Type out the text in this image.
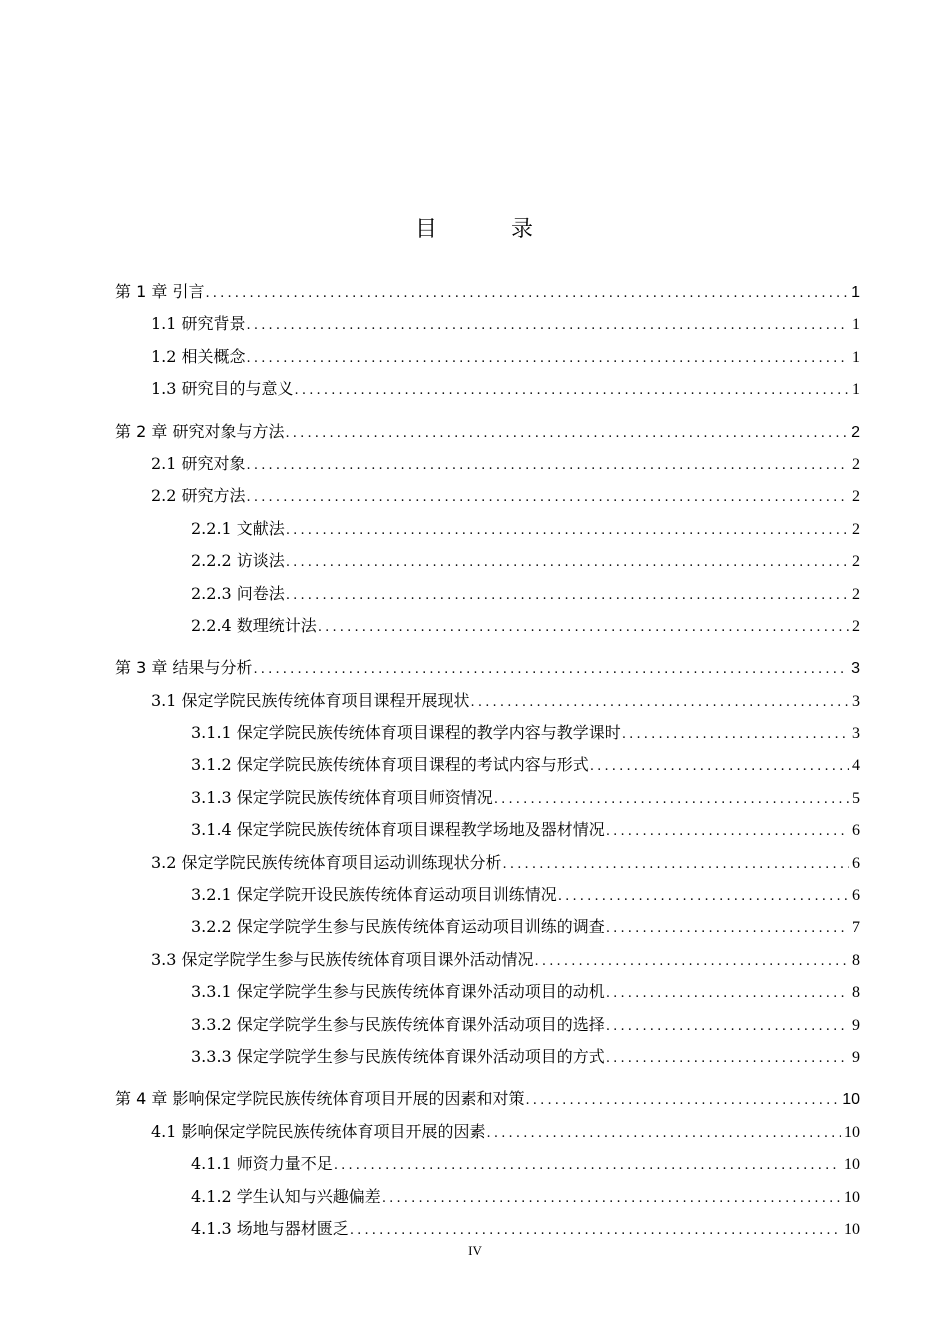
目        录
第 1 章 引言 .....	1
1.1 研究背景 .....	1
1.2 相关概念 .....	1
1.3 研究目的与意义 .....	1
第 2 章 研究对象与方法 .....	2
2.1 研究对象 .....	2
2.2 研究方法 .....	2
2.2.1 文献法 .....	2
2.2.2 访谈法 .....	2
2.2.3 问卷法 .....	2
2.2.4 数理统计法 .....	2
第 3 章 结果与分析 .....	3
3.1 保定学院民族传统体育项目课程开展现状 .....	3
3.1.1 保定学院民族传统体育项目课程的教学内容与教学课时 .....	3
3.1.2 保定学院民族传统体育项目课程的考试内容与形式 .....	4
3.1.3 保定学院民族传统体育项目师资情况 .....	5
3.1.4 保定学院民族传统体育项目课程教学场地及器材情况 .....	6
3.2 保定学院民族传统体育项目运动训练现状分析 .....	6
3.2.1 保定学院开设民族传统体育运动项目训练情况 .....	6
3.2.2 保定学院学生参与民族传统体育运动项目训练的调查 .....	7
3.3 保定学院学生参与民族传统体育项目课外活动情况 .....	8
3.3.1 保定学院学生参与民族传统体育课外活动项目的动机 .....	8
3.3.2 保定学院学生参与民族传统体育课外活动项目的选择 .....	9
3.3.3 保定学院学生参与民族传统体育课外活动项目的方式 .....	9
第 4 章 影响保定学院民族传统体育项目开展的因素和对策 .....	10
4.1 影响保定学院民族传统体育项目开展的因素 .....	10
4.1.1 师资力量不足 .....	10
4.1.2 学生认知与兴趣偏差 .....	10
4.1.3 场地与器材匮乏 .....	10
IV
